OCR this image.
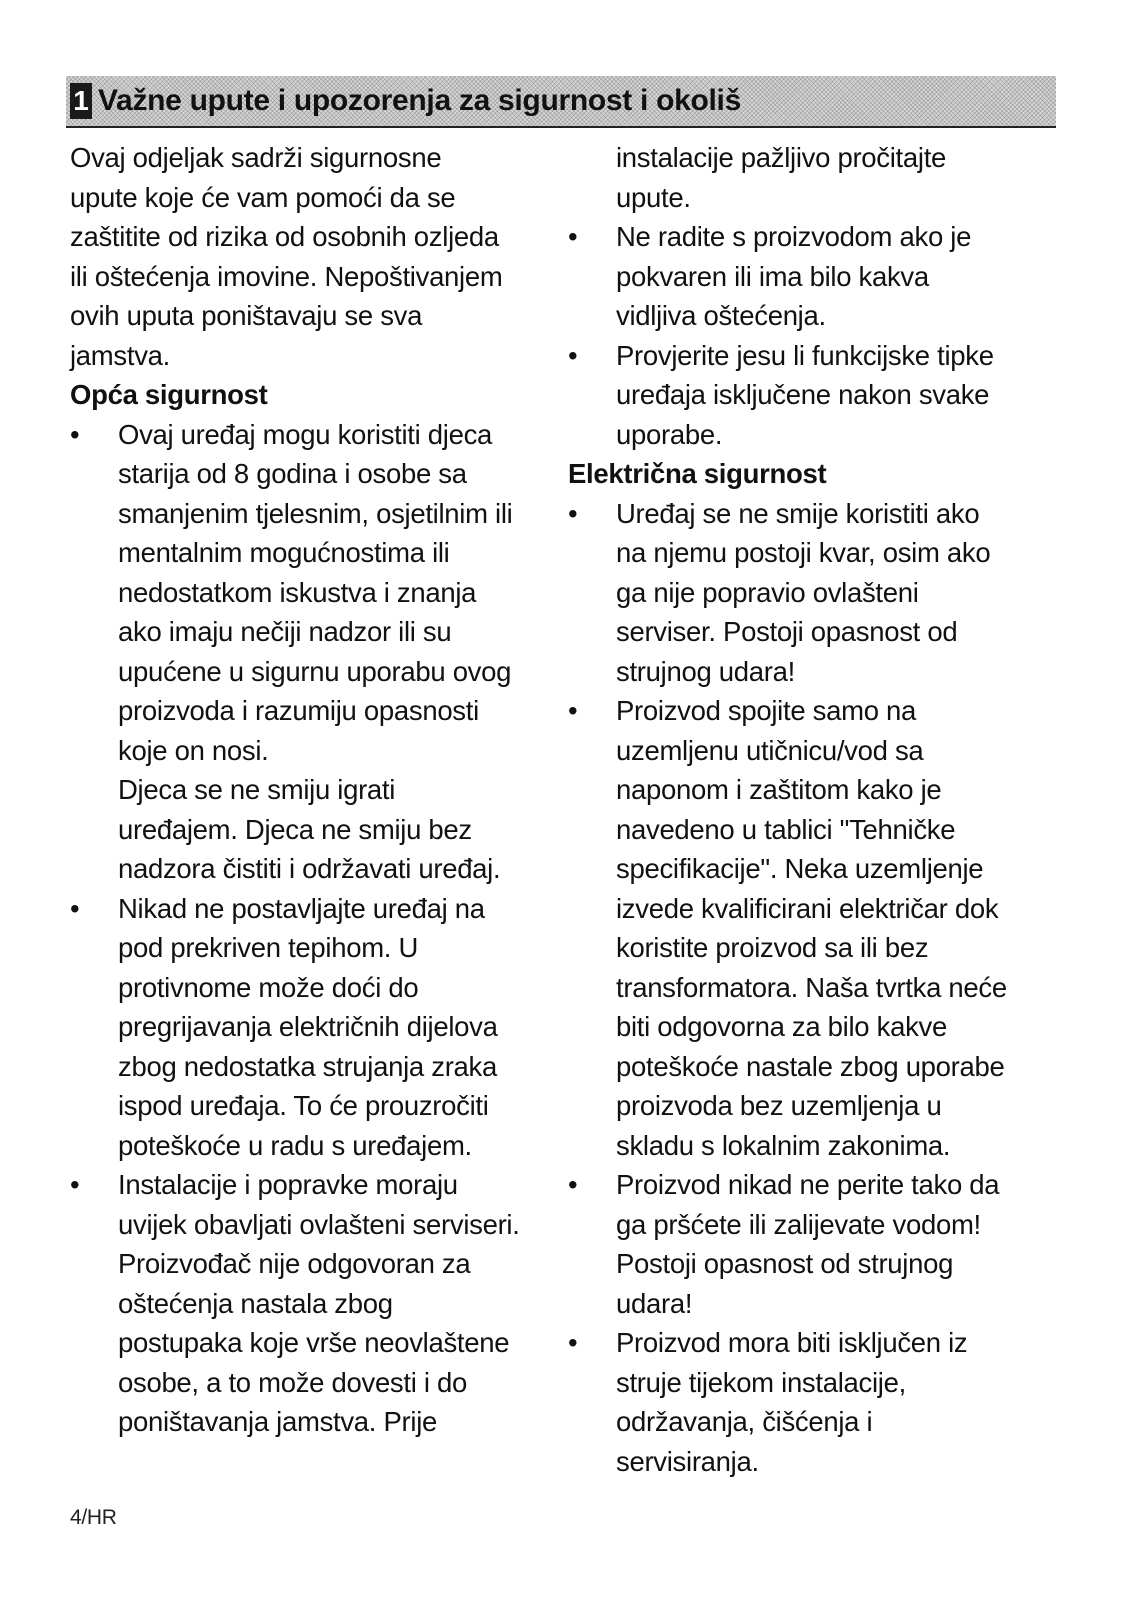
1 Važne upute i upozorenja za sigurnost i okoliš

Ovaj odjeljak sadrži sigurnosne
upute koje će vam pomoći da se
zaštitite od rizika od osobnih ozljeda
ili oštećenja imovine. Nepoštivanjem
ovih uputa poništavaju se sva
jamstva.

Opća sigurnost

•	Ovaj uređaj mogu koristiti djeca
starija od 8 godina i osobe sa
smanjenim tjelesnim, osjetilnim ili
mentalnim mogućnostima ili
nedostatkom iskustva i znanja
ako imaju nečiji nadzor ili su
upućene u sigurnu uporabu ovog
proizvoda i razumiju opasnosti
koje on nosi.
Djeca se ne smiju igrati
uređajem. Djeca ne smiju bez
nadzora čistiti i održavati uređaj.
•	Nikad ne postavljajte uređaj na
pod prekriven tepihom. U
protivnome može doći do
pregrijavanja električnih dijelova
zbog nedostatka strujanja zraka
ispod uređaja. To će prouzročiti
poteškoće u radu s uređajem.
•	Instalacije i popravke moraju
uvijek obavljati ovlašteni serviseri.
Proizvođač nije odgovoran za
oštećenja nastala zbog
postupaka koje vrše neovlaštene
osobe, a to može dovesti i do
poništavanja jamstva. Prije

instalacije pažljivo pročitajte
upute.

•	Ne radite s proizvodom ako je
pokvaren ili ima bilo kakva
vidljiva oštećenja.
•	Provjerite jesu li funkcijske tipke
uređaja isključene nakon svake
uporabe.

Električna sigurnost

•	Uređaj se ne smije koristiti ako
na njemu postoji kvar, osim ako
ga nije popravio ovlašteni
serviser. Postoji opasnost od
strujnog udara!
•	Proizvod spojite samo na
uzemljenu utičnicu/vod sa
naponom i zaštitom kako je
navedeno u tablici "Tehničke
specifikacije". Neka uzemljenje
izvede kvalificirani električar dok
koristite proizvod sa ili bez
transformatora. Naša tvrtka neće
biti odgovorna za bilo kakve
poteškoće nastale zbog uporabe
proizvoda bez uzemljenja u
skladu s lokalnim zakonima.
•	Proizvod nikad ne perite tako da
ga pršćete ili zalijevate vodom!
Postoji opasnost od strujnog
udara!
•	Proizvod mora biti isključen iz
struje tijekom instalacije,
održavanja, čišćenja i
servisiranja.
4/HR
